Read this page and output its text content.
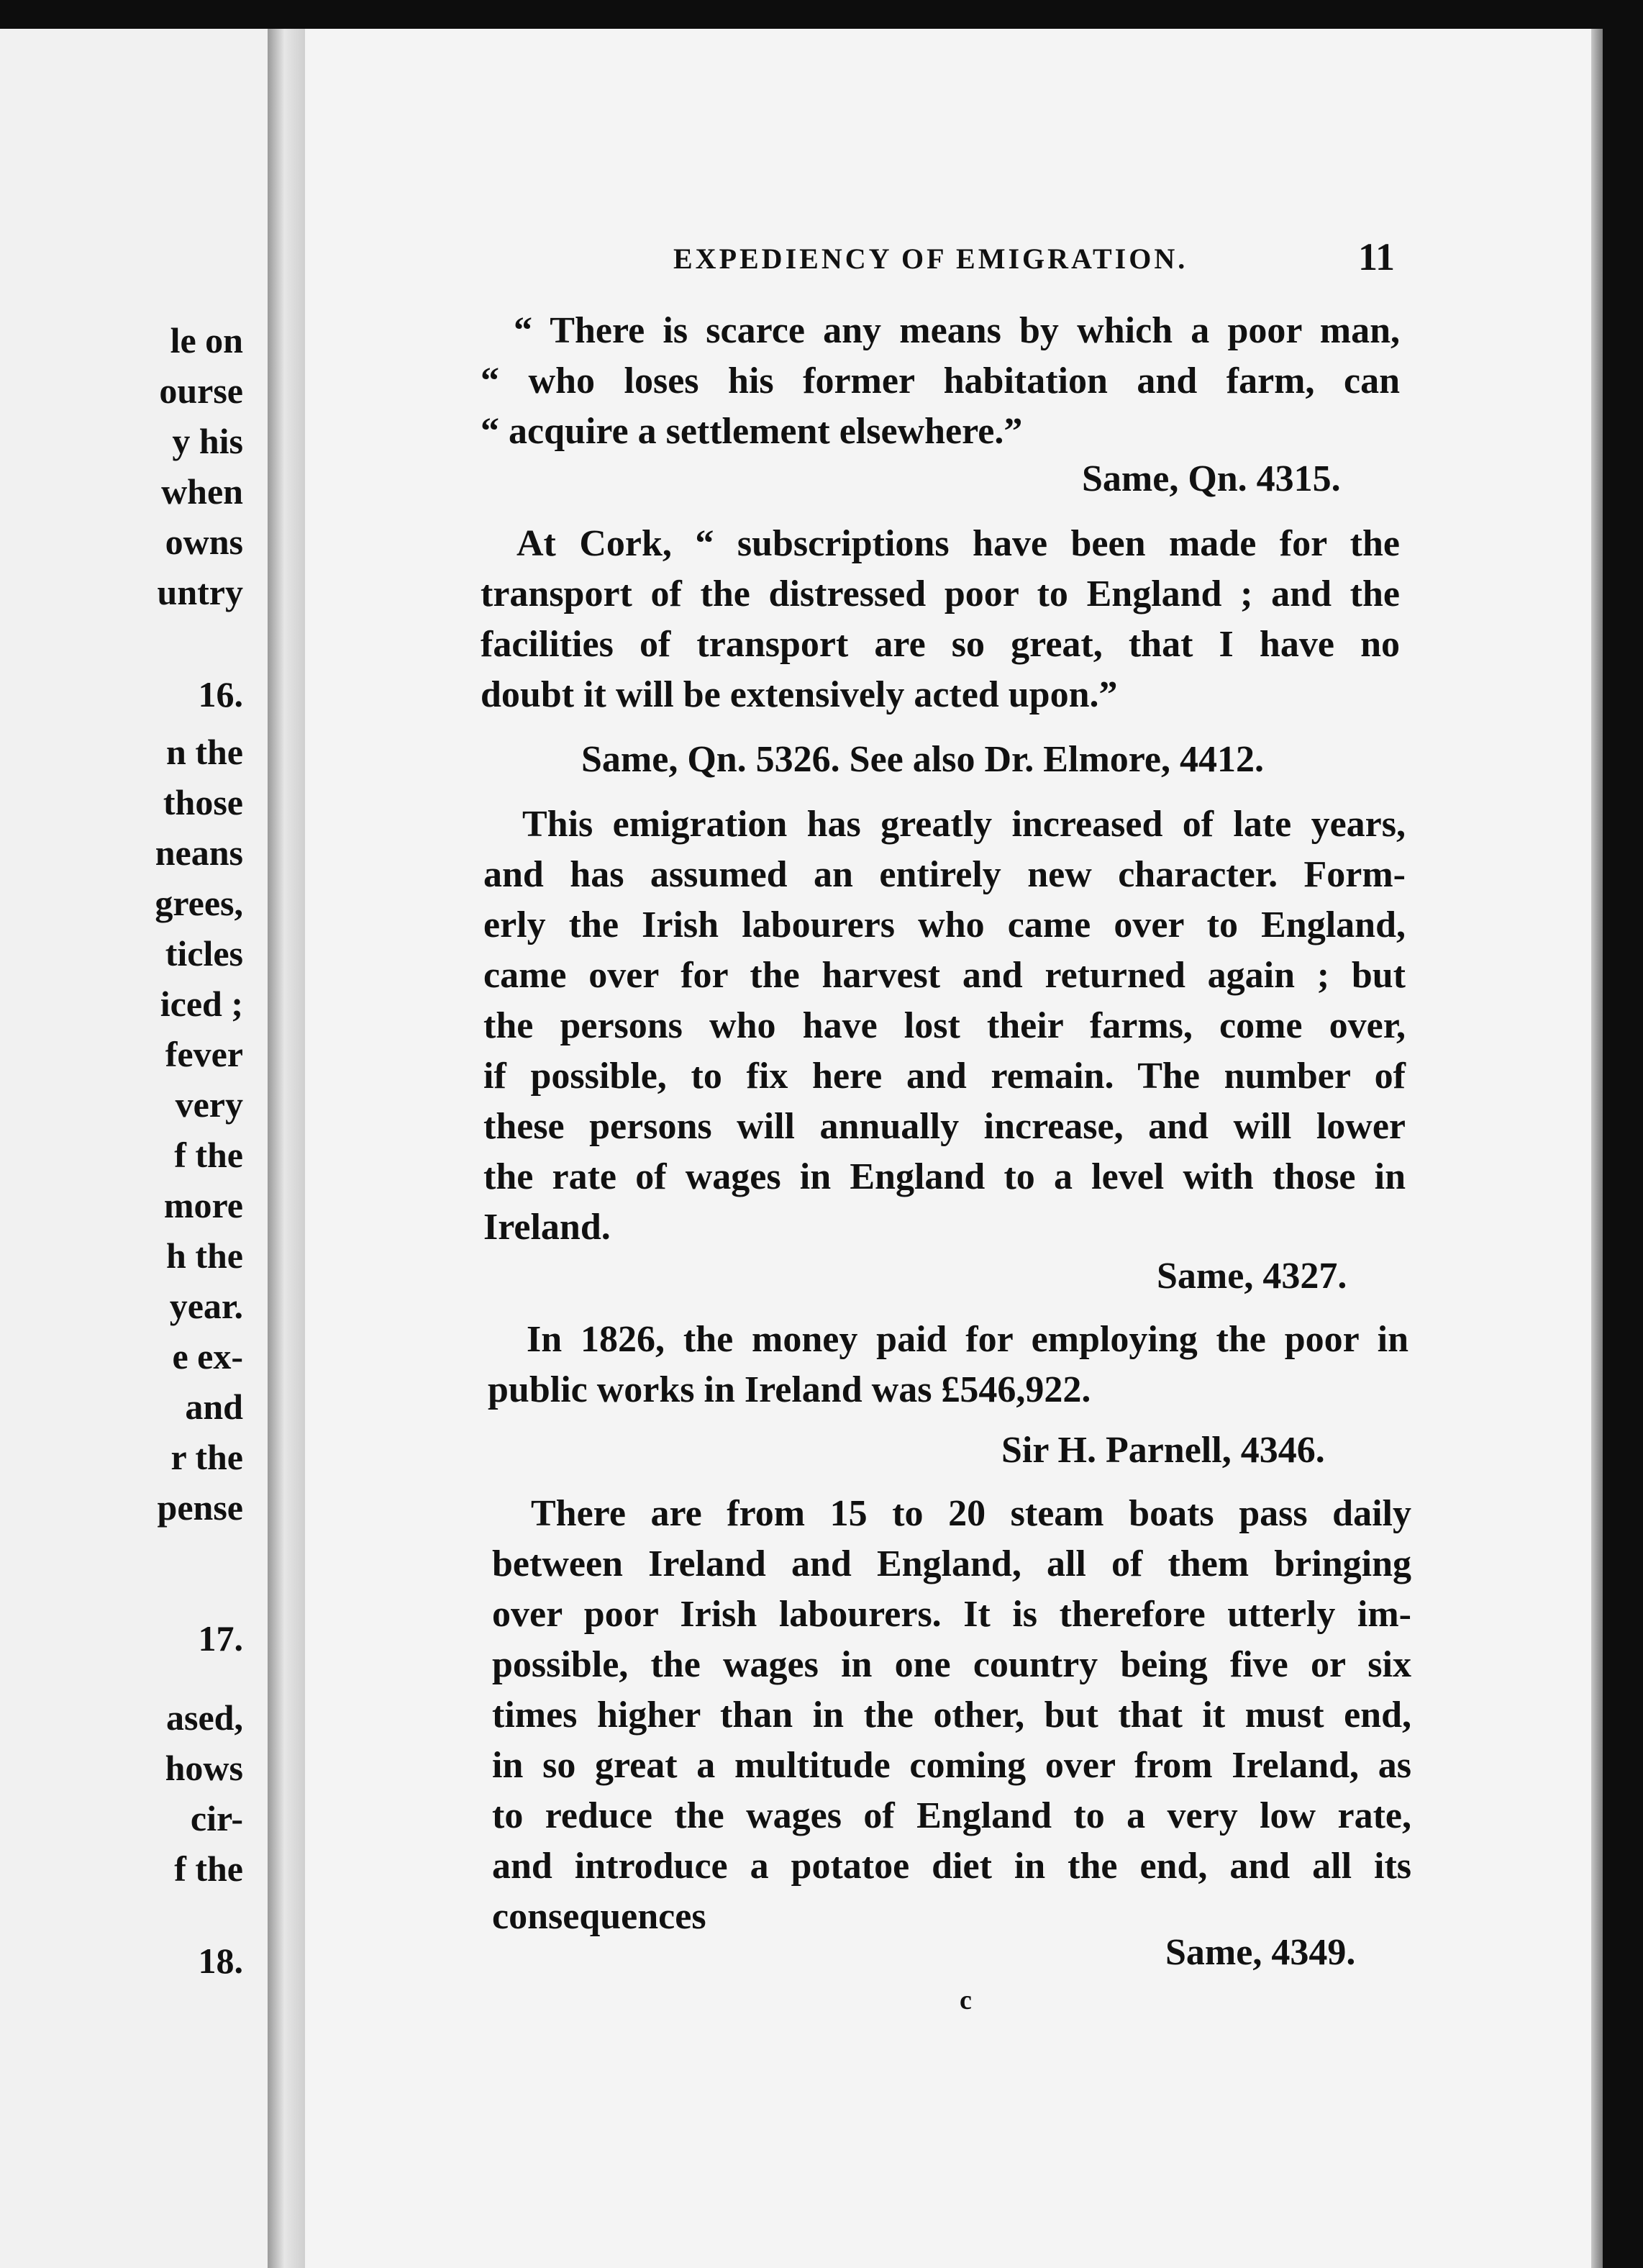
le on
ourse
y his
when
owns
untry
16.
n the
those
neans
grees,
ticles
iced ;
fever
very
f the
more
h the
year.
e ex-
and
r the
pense
17.
ased,
hows
cir-
f the
18.
EXPEDIENCY OF EMIGRATION.	11

“ There is scarce any means by which a poor man,

“ who loses his former habitation and farm, can

“ acquire a settlement elsewhere.”

Same, Qn. 4315.

At Cork, “ subscriptions have been made for the

transport of the distressed poor to England ; and the

facilities of transport are so great, that I have no

doubt it will be extensively acted upon.”

Same, Qn. 5326. See also Dr. Elmore, 4412.

This emigration has greatly increased of late years,

and has assumed an entirely new character. Form-

erly the Irish labourers who came over to England,

came over for the harvest and returned again ; but

the persons who have lost their farms, come over,

if possible, to fix here and remain. The number of

these persons will annually increase, and will lower

the rate of wages in England to a level with those in

Ireland.

Same, 4327.

In 1826, the money paid for employing the poor in

public works in Ireland was £546,922.

Sir H. Parnell, 4346.

There are from 15 to 20 steam boats pass daily

between Ireland and England, all of them bringing

over poor Irish labourers. It is therefore utterly im-

possible, the wages in one country being five or six

times higher than in the other, but that it must end,

in so great a multitude coming over from Ireland, as

to reduce the wages of England to a very low rate,

and introduce a potatoe diet in the end, and all its

consequences

Same, 4349.

c
